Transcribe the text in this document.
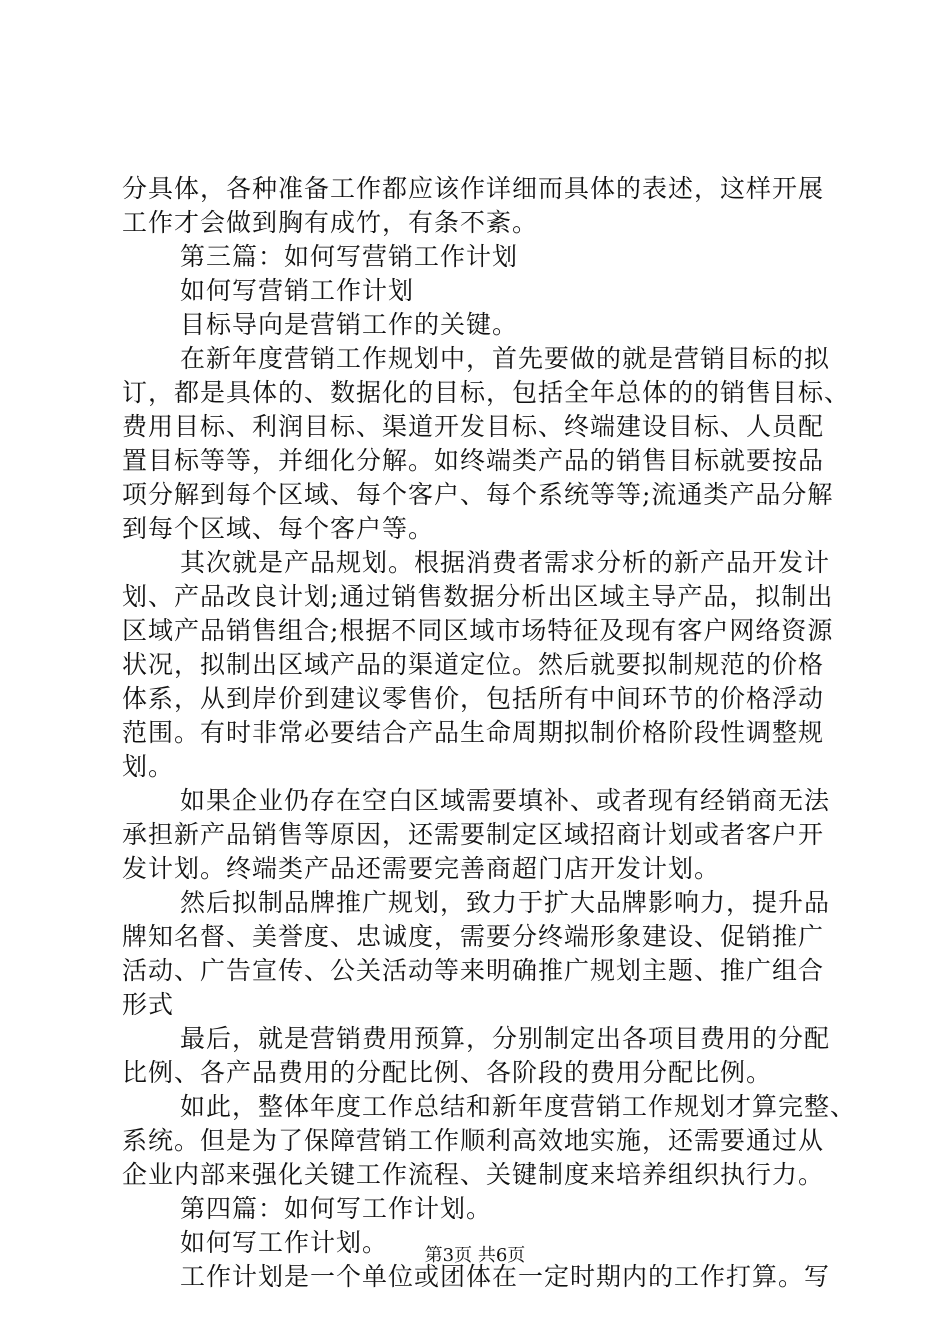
分具体，各种准备工作都应该作详细而具体的表述，这样开展
工作才会做到胸有成竹，有条不紊。
第三篇：如何写营销工作计划
如何写营销工作计划
目标导向是营销工作的关键。
在新年度营销工作规划中，首先要做的就是营销目标的拟
订，都是具体的、数据化的目标，包括全年总体的的销售目标、
费用目标、利润目标、渠道开发目标、终端建设目标、人员配
置目标等等，并细化分解。如终端类产品的销售目标就要按品
项分解到每个区域、每个客户、每个系统等等;流通类产品分解
到每个区域、每个客户等。
其次就是产品规划。根据消费者需求分析的新产品开发计
划、产品改良计划;通过销售数据分析出区域主导产品，拟制出
区域产品销售组合;根据不同区域市场特征及现有客户网络资源
状况，拟制出区域产品的渠道定位。然后就要拟制规范的价格
体系，从到岸价到建议零售价，包括所有中间环节的价格浮动
范围。有时非常必要结合产品生命周期拟制价格阶段性调整规
划。
如果企业仍存在空白区域需要填补、或者现有经销商无法
承担新产品销售等原因，还需要制定区域招商计划或者客户开
发计划。终端类产品还需要完善商超门店开发计划。
然后拟制品牌推广规划，致力于扩大品牌影响力，提升品
牌知名督、美誉度、忠诚度，需要分终端形象建设、促销推广
活动、广告宣传、公关活动等来明确推广规划主题、推广组合
形式
最后，就是营销费用预算，分别制定出各项目费用的分配
比例、各产品费用的分配比例、各阶段的费用分配比例。
如此，整体年度工作总结和新年度营销工作规划才算完整、
系统。但是为了保障营销工作顺利高效地实施，还需要通过从
企业内部来强化关键工作流程、关键制度来培养组织执行力。
第四篇：如何写工作计划。
如何写工作计划。
工作计划是一个单位或团体在一定时期内的工作打算。写
第3页 共6页
